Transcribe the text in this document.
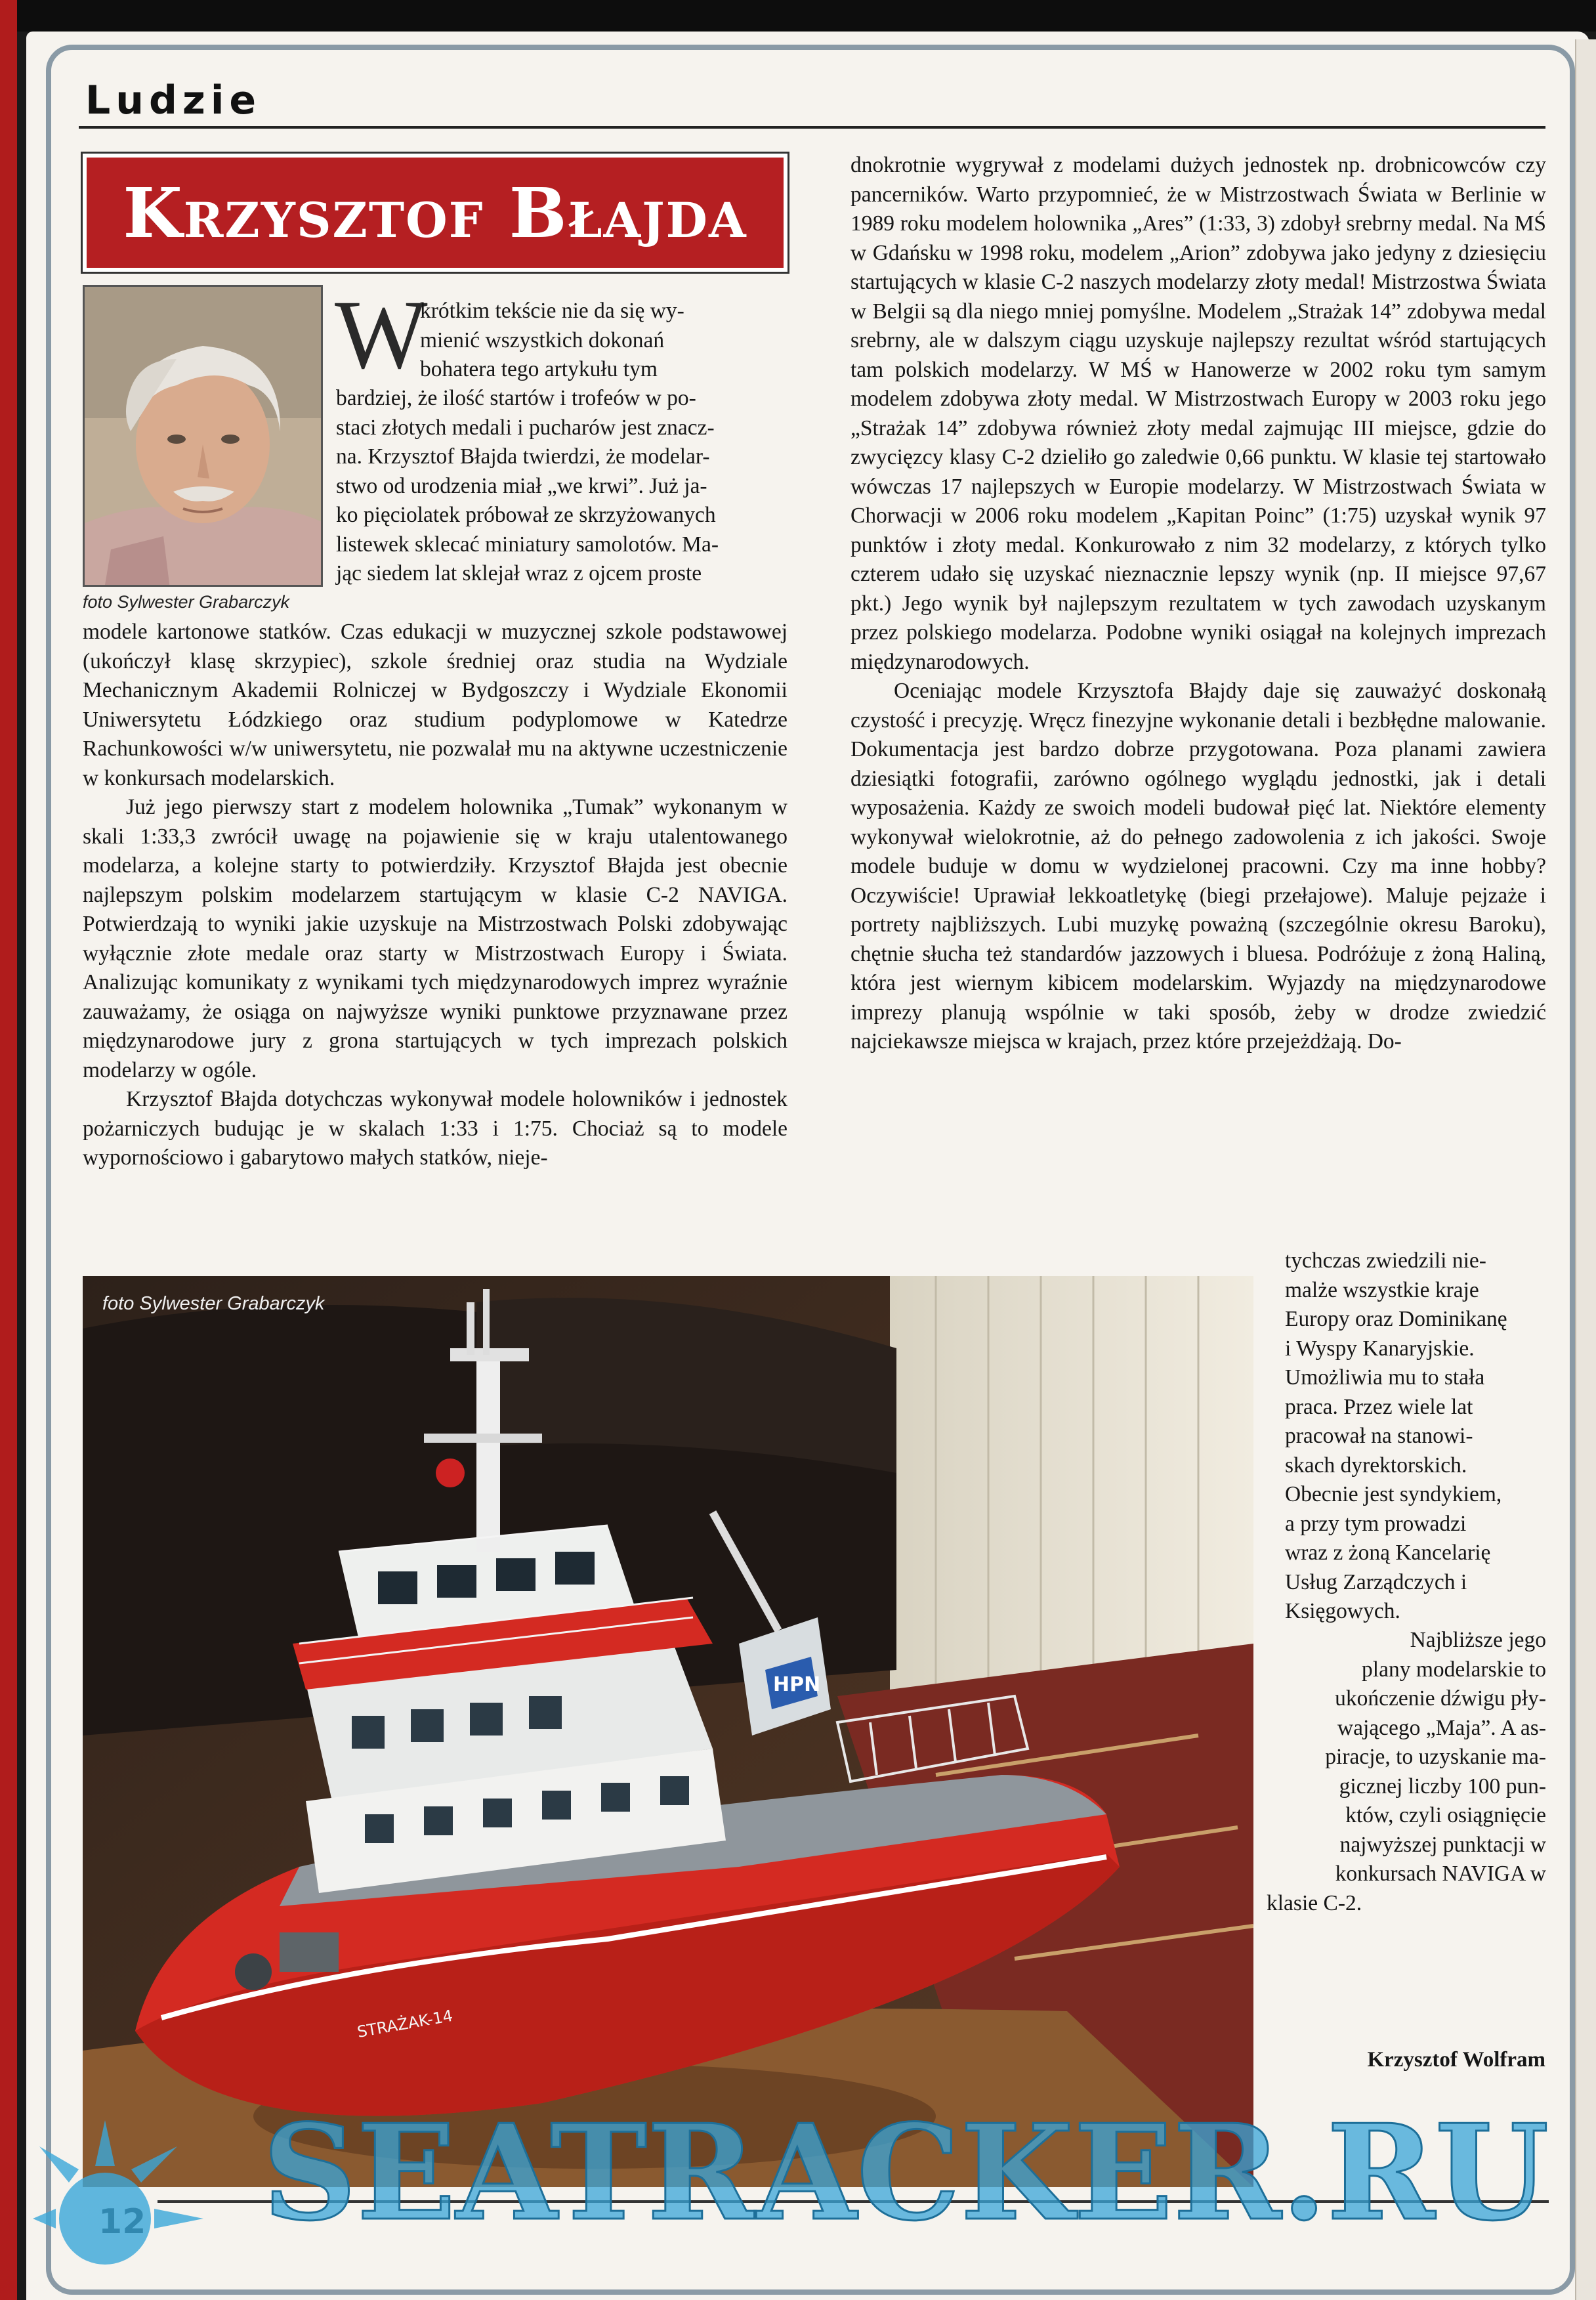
Ludzie
Krzysztof Błajda
foto Sylwester Grabarczyk
W
krótkim tekście nie da się wy-
mienić wszystkich dokonań
bohatera tego artykułu tym
bardziej, że ilość startów i trofeów w po-
staci złotych medali i pucharów jest znacz-
na. Krzysztof Błajda twierdzi, że modelar-
stwo od urodzenia miał „we krwi”. Już ja-
ko pięciolatek próbował ze skrzyżowanych
listewek sklecać miniatury samolotów. Ma-
jąc siedem lat sklejał wraz z ojcem proste

modele kartonowe statków. Czas edukacji w muzycznej szkole podstawowej (ukończył klasę skrzypiec), szkole średniej oraz studia na Wydziale Mechanicznym Akademii Rolniczej w Bydgoszczy i Wydziale Ekonomii Uniwersytetu Łódzkiego oraz studium podyplomowe w Katedrze Rachunkowości w/w uniwersytetu, nie pozwalał mu na aktywne uczestniczenie w konkursach modelarskich.

Już jego pierwszy start z modelem holownika „Tumak” wykonanym w skali 1:33,3 zwrócił uwagę na pojawienie się w kraju utalentowanego modelarza, a kolejne starty to potwierdziły. Krzysztof Błajda jest obecnie najlepszym polskim modelarzem startującym w klasie C-2 NAVIGA. Potwierdzają to wyniki jakie uzyskuje na Mistrzostwach Polski zdobywając wyłącznie złote medale oraz starty w Mistrzostwach Europy i Świata. Analizując komunikaty z wynikami tych międzynarodowych imprez wyraźnie zauważamy, że osiąga on najwyższe wyniki punktowe przyznawane przez międzynarodowe jury z grona startujących w tych imprezach polskich modelarzy w ogóle.

Krzysztof Błajda dotychczas wykonywał modele holowników i jednostek pożarniczych budując je w skalach 1:33 i 1:75. Chociaż są to modele wypornościowo i gabarytowo małych statków, nieje-

dnokrotnie wygrywał z modelami dużych jednostek np. drobnicowców czy pancerników. Warto przypomnieć, że w Mistrzostwach Świata w Berlinie w 1989 roku modelem holownika „Ares” (1:33, 3) zdobył srebrny medal. Na MŚ w Gdańsku w 1998 roku, modelem „Arion” zdobywa jako jedyny z dziesięciu startujących w klasie C-2 naszych modelarzy złoty medal! Mistrzostwa Świata w Belgii są dla niego mniej pomyślne. Modelem „Strażak 14” zdobywa medal srebrny, ale w dalszym ciągu uzyskuje najlepszy rezultat wśród startujących tam polskich modelarzy. W MŚ w Hanowerze w 2002 roku tym samym modelem zdobywa złoty medal. W Mistrzostwach Europy w 2003 roku jego „Strażak 14” zdobywa również złoty medal zajmując III miejsce, gdzie do zwycięzcy klasy C-2 dzieliło go zaledwie 0,66 punktu. W klasie tej startowało wówczas 17 najlepszych w Europie modelarzy. W Mistrzostwach Świata w Chorwacji w 2006 roku modelem „Kapitan Poinc” (1:75) uzyskał wynik 97 punktów i złoty medal. Konkurowało z nim 32 modelarzy, z których tylko czterem udało się uzyskać nieznacznie lepszy wynik (np. II miejsce 97,67 pkt.) Jego wynik był najlepszym rezultatem w tych zawodach uzyskanym przez polskiego modelarza. Podobne wyniki osiągał na kolejnych imprezach międzynarodowych.

Oceniając modele Krzysztofa Błajdy daje się zauważyć doskonałą czystość i precyzję. Wręcz finezyjne wykonanie detali i bezbłędne malowanie. Dokumentacja jest bardzo dobrze przygotowana. Poza planami zawiera dziesiątki fotografii, zarówno ogólnego wyglądu jednostki, jak i detali wyposażenia. Każdy ze swoich modeli budował pięć lat. Niektóre elementy wykonywał wielokrotnie, aż do pełnego zadowolenia z ich jakości. Swoje modele buduje w domu w wydzielonej pracowni. Czy ma inne hobby? Oczywiście! Uprawiał lekkoatletykę (biegi przełajowe). Maluje pejzaże i portrety najbliższych. Lubi muzykę poważną (szczególnie okresu Baroku), chętnie słucha też standardów jazzowych i bluesa. Podróżuje z żoną Haliną, która jest wiernym kibicem modelarskim. Wyjazdy na międzynarodowe imprezy planują wspólnie w taki sposób, żeby w drodze zwiedzić najciekawsze miejsca w krajach, przez które przejeżdżają. Do-

HPN
STRAŻAK-14
foto Sylwester Grabarczyk
tychczas zwiedzili nie-
malże wszystkie kraje
Europy oraz Dominikanę
i Wyspy Kanaryjskie.
Umożliwia mu to stała
praca. Przez wiele lat
pracował na stanowi-
skach dyrektorskich.
Obecnie jest syndykiem,
a przy tym prowadzi
wraz z żoną Kancelarię
Usług Zarządczych i
Księgowych.
Najbliższe jego
plany modelarskie to
ukończenie dźwigu pły-
wającego „Maja”. A as-
piracje, to uzyskanie ma-
gicznej liczby 100 pun-
któw, czyli osiągnięcie
najwyższej punktacji w
konkursach NAVIGA w
klasie C-2.
Krzysztof Wolfram
SEATRACKER.RU
